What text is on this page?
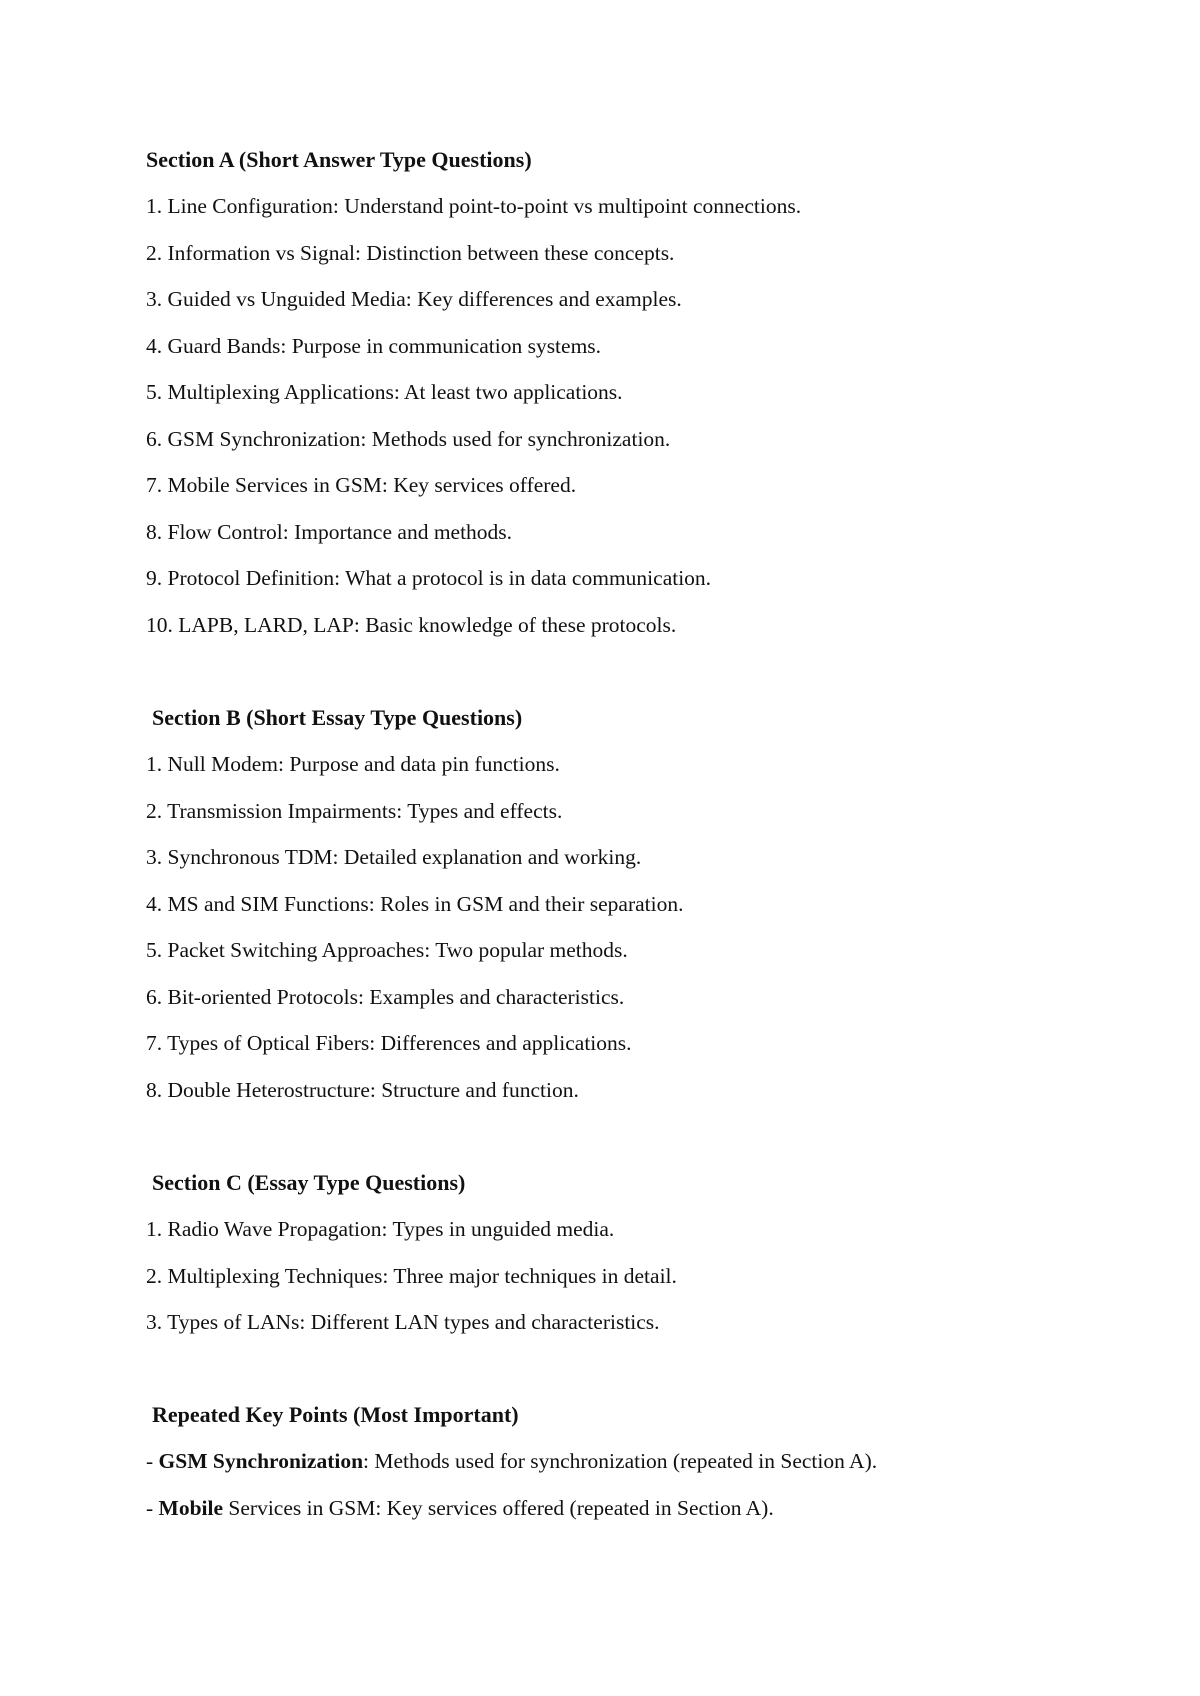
Section A (Short Answer Type Questions)
1. Line Configuration: Understand point-to-point vs multipoint connections.
2. Information vs Signal: Distinction between these concepts.
3. Guided vs Unguided Media: Key differences and examples.
4. Guard Bands: Purpose in communication systems.
5. Multiplexing Applications: At least two applications.
6. GSM Synchronization: Methods used for synchronization.
7. Mobile Services in GSM: Key services offered.
8. Flow Control: Importance and methods.
9. Protocol Definition: What a protocol is in data communication.
10. LAPB, LARD, LAP: Basic knowledge of these protocols.
Section B (Short Essay Type Questions)
1. Null Modem: Purpose and data pin functions.
2. Transmission Impairments: Types and effects.
3. Synchronous TDM: Detailed explanation and working.
4. MS and SIM Functions: Roles in GSM and their separation.
5. Packet Switching Approaches: Two popular methods.
6. Bit-oriented Protocols: Examples and characteristics.
7. Types of Optical Fibers: Differences and applications.
8. Double Heterostructure: Structure and function.
Section C (Essay Type Questions)
1. Radio Wave Propagation: Types in unguided media.
2. Multiplexing Techniques: Three major techniques in detail.
3. Types of LANs: Different LAN types and characteristics.
Repeated Key Points (Most Important)
- GSM Synchronization: Methods used for synchronization (repeated in Section A).
- Mobile Services in GSM: Key services offered (repeated in Section A).
